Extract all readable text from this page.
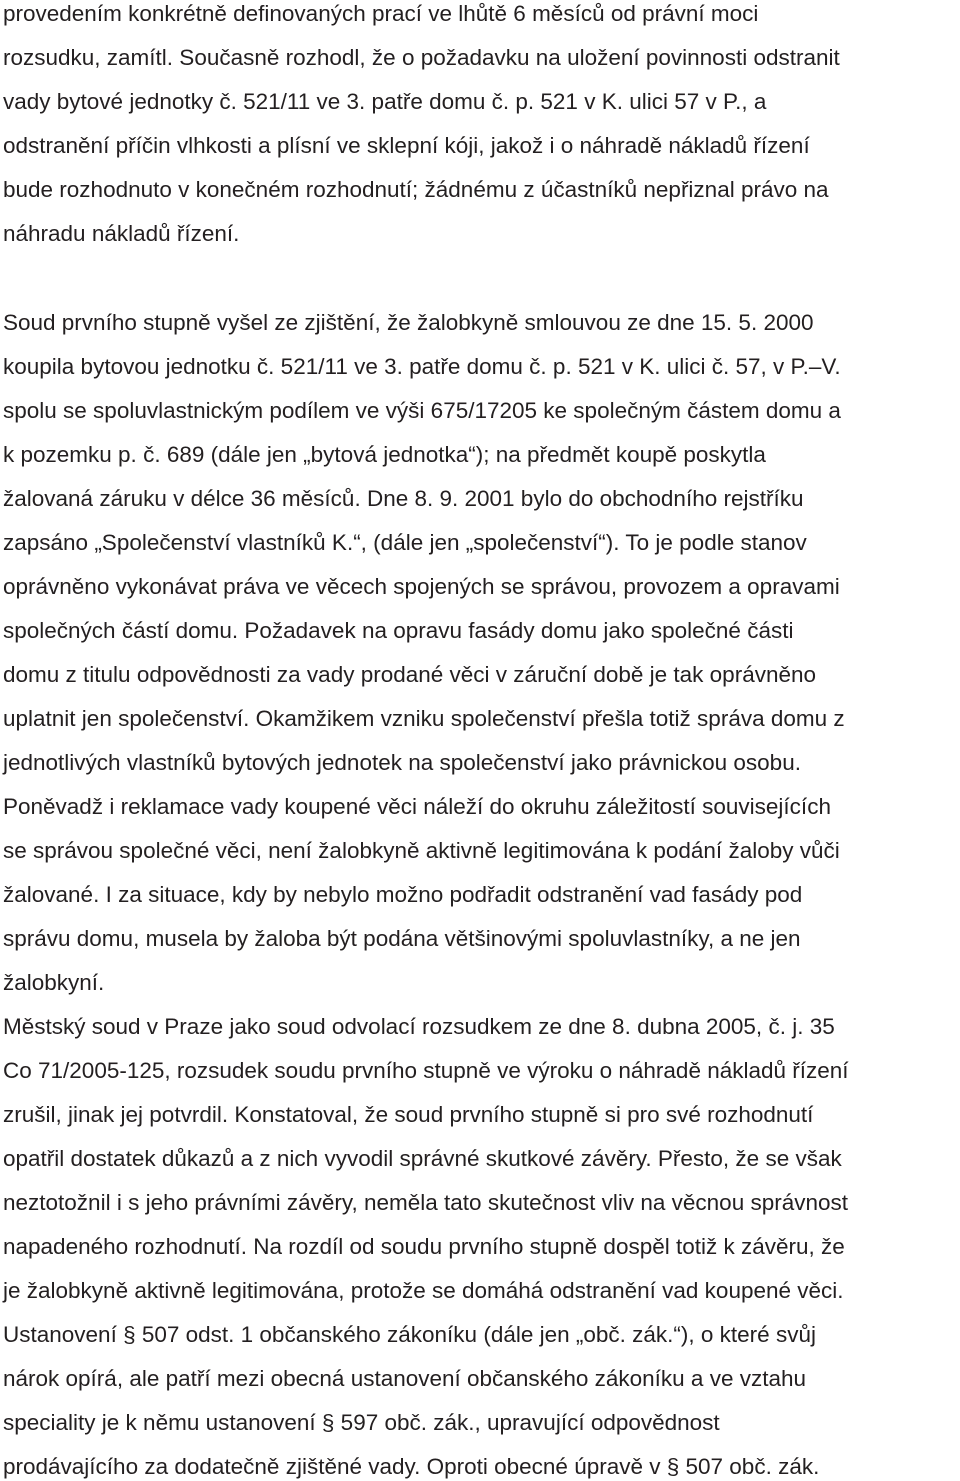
provedením konkrétně definovaných prací ve lhůtě 6 měsíců od právní moci
rozsudku, zamítl. Současně rozhodl, že o požadavku na uložení povinnosti odstranit
vady bytové jednotky č. 521/11 ve 3. patře domu č. p. 521 v K. ulici 57 v P., a
odstranění příčin vlhkosti a plísní ve sklepní kóji, jakož i o náhradě nákladů řízení
bude rozhodnuto v konečném rozhodnutí; žádnému z účastníků nepřiznal právo na
náhradu nákladů řízení.
Soud prvního stupně vyšel ze zjištění, že žalobkyně smlouvou ze dne 15. 5. 2000
koupila bytovou jednotku č. 521/11 ve 3. patře domu č. p. 521 v K. ulici č. 57, v P.–V.
spolu se spoluvlastnickým podílem ve výši 675/17205 ke společným částem domu a
k pozemku p. č. 689 (dále jen „bytová jednotka“); na předmět koupě poskytla
žalovaná záruku v délce 36 měsíců. Dne 8. 9. 2001 bylo do obchodního rejstříku
zapsáno „Společenství vlastníků K.“, (dále jen „společenství“). To je podle stanov
oprávněno vykonávat práva ve věcech spojených se správou, provozem a opravami
společných částí domu. Požadavek na opravu fasády domu jako společné části
domu z titulu odpovědnosti za vady prodané věci v záruční době je tak oprávněno
uplatnit jen společenství. Okamžikem vzniku společenství přešla totiž správa domu z
jednotlivých vlastníků bytových jednotek na společenství jako právnickou osobu.
Poněvadž i reklamace vady koupené věci náleží do okruhu záležitostí souvisejících
se správou společné věci, není žalobkyně aktivně legitimována k podání žaloby vůči
žalované. I za situace, kdy by nebylo možno podřadit odstranění vad fasády pod
správu domu, musela by žaloba být podána většinovými spoluvlastníky, a ne jen
žalobkyní.
Městský soud v Praze jako soud odvolací rozsudkem ze dne 8. dubna 2005, č. j. 35
Co 71/2005-125, rozsudek soudu prvního stupně ve výroku o náhradě nákladů řízení
zrušil, jinak jej potvrdil. Konstatoval, že soud prvního stupně si pro své rozhodnutí
opatřil dostatek důkazů a z nich vyvodil správné skutkové závěry. Přesto, že se však
neztotožnil i s jeho právními závěry, neměla tato skutečnost vliv na věcnou správnost
napadeného rozhodnutí. Na rozdíl od soudu prvního stupně dospěl totiž k závěru, že
je žalobkyně aktivně legitimována, protože se domáhá odstranění vad koupené věci.
Ustanovení § 507 odst. 1 občanského zákoníku (dále jen „obč. zák.“), o které svůj
nárok opírá, ale patří mezi obecná ustanovení občanského zákoníku a ve vztahu
speciality je k němu ustanovení § 597 obč. zák., upravující odpovědnost
prodávajícího za dodatečně zjištěné vady. Oproti obecné úpravě v § 507 obč. zák.
